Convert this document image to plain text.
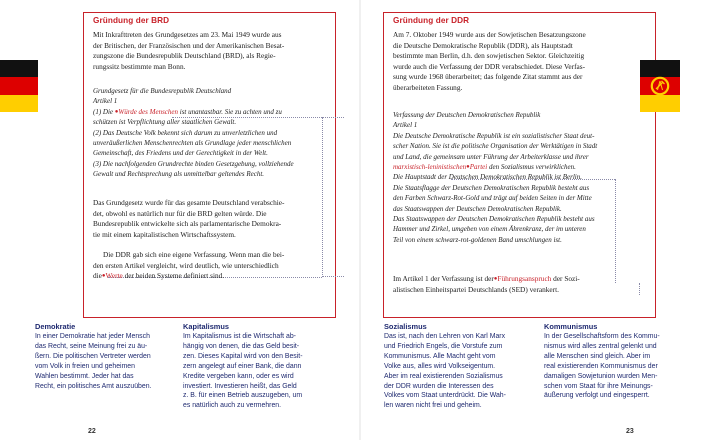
Gründung der BRD

Mit Inkrafttreten des Grundgesetzes am 23. Mai 1949 wurde aus

der Britischen, der Französischen und der Amerikanischen Besat-

zungszone die Bundesrepublik Deutschland (BRD), als Regie-

rungssitz bestimmte man Bonn.

Grundgesetz für die Bundesrepublik Deutschland

Artikel 1

(1) Die ●Würde des Menschen ist unantastbar. Sie zu achten und zu

schützen ist Verpflichtung aller staatlichen Gewalt.

(2) Das Deutsche Volk bekennt sich darum zu unverletzlichen und

unveräußerlichen Menschenrechten als Grundlage jeder menschlichen

Gemeinschaft, des Friedens und der Gerechtigkeit in der Welt.

(3) Die nachfolgenden Grundrechte binden Gesetzgebung, vollziehende

Gewalt und Rechtsprechung als unmittelbar geltendes Recht.

Das Grundgesetz wurde für das gesamte Deutschland verabschie-

det, obwohl es natürlich nur für die BRD gelten würde. Die

Bundesrepublik entwickelte sich als parlamentarische Demokra-

tie mit einem kapitalistischen Wirtschaftssystem.

Die DDR gab sich eine eigene Verfassung. Wenn man die bei-

den ersten Artikel vergleicht, wird deutlich, wie unterschiedlich

die●Werte der beiden Systeme definiert sind.

Demokratie
In einer Demokratie hat jeder Mensch
das Recht, seine Meinung frei zu äu-
ßern. Die politischen Vertreter werden
vom Volk in freien und geheimen
Wahlen bestimmt. Jeder hat das
Recht, ein politisches Amt auszuüben.
Kapitalismus
Im Kapitalismus ist die Wirtschaft ab-
hängig von denen, die das Geld besit-
zen. Dieses Kapital wird von den Besit-
zern angelegt auf einer Bank, die dann
Kredite vergeben kann, oder es wird
investiert. Investieren heißt, das Geld
z. B. für einen Betrieb auszugeben, um
es natürlich auch zu vermehren.
22
Gründung der DDR

Am 7. Oktober 1949 wurde aus der Sowjetischen Besatzungszone

die Deutsche Demokratische Republik (DDR), als Hauptstadt

bestimmte man Berlin, d.h. den sowjetischen Sektor. Gleichzeitig

wurde auch die Verfassung der DDR verabschiedet. Diese Verfas-

sung wurde 1968 überarbeitet; das folgende Zitat stammt aus der

überarbeiteten Fassung.

Verfassung der Deutschen Demokratischen Republik

Artikel 1

Die Deutsche Demokratische Republik ist ein sozialistischer Staat deut-

scher Nation. Sie ist die politische Organisation der Werktätigen in Stadt

und Land, die gemeinsam unter Führung der Arbeiterklasse und ihrer

marxistisch-leninistischen●Partei den Sozialismus verwirklichen.

Die Hauptstadt der Deutschen Demokratischen Republik ist Berlin.

Die Staatsflagge der Deutschen Demokratischen Republik besteht aus

den Farben Schwarz-Rot-Gold und trägt auf beiden Seiten in der Mitte

das Staatswappen der Deutschen Demokratischen Republik.

Das Staatswappen der Deutschen Demokratischen Republik besteht aus

Hammer und Zirkel, umgeben von einem Ährenkranz, der im unteren

Teil von einem schwarz-rot-goldenen Band umschlungen ist.

Im Artikel 1 der Verfassung ist der●Führungsanspruch der Sozi-

alistischen Einheitspartei Deutschlands (SED) verankert.

Sozialismus
Das ist, nach den Lehren von Karl Marx
und Friedrich Engels, die Vorstufe zum
Kommunismus. Alle Macht geht vom
Volke aus, alles wird Volkseigentum.
Aber im real existierenden Sozialismus
der DDR wurden die Interessen des
Volkes vom Staat unterdrückt. Die Wah-
len waren nicht frei und geheim.
Kommunismus
In der Gesellschaftsform des Kommu-
nismus wird alles zentral gelenkt und
alle Menschen sind gleich. Aber im
real existierenden Kommunismus der
damaligen Sowjetunion wurden Men-
schen vom Staat für ihre Meinungs-
äußerung verfolgt und eingesperrt.
23
